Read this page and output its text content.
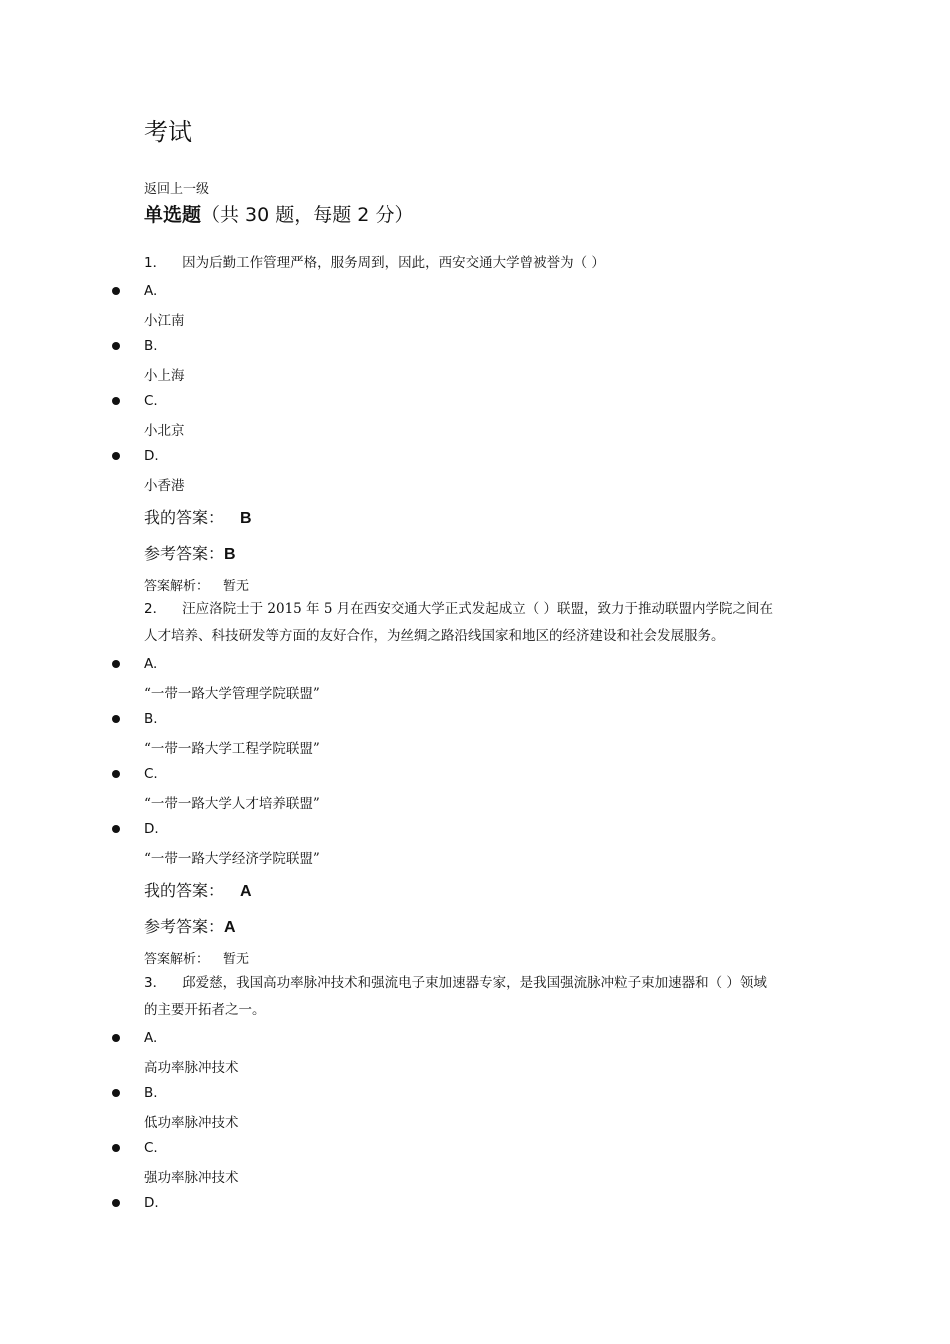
考试
返回上一级
单选题（共 30 题，每题 2 分）
1． 因为后勤工作管理严格，服务周到，因此，西安交通大学曾被誉为（ ）
A.
小江南
B.
小上海
C.
小北京
D.
小香港
我的答案： B
参考答案：B
答案解析： 暂无
2． 汪应洛院士于 2015 年 5 月在西安交通大学正式发起成立（ ）联盟，致力于推动联盟内学院之间在
人才培养、科技研发等方面的友好合作，为丝绸之路沿线国家和地区的经济建设和社会发展服务。
A.
“一带一路大学管理学院联盟”
B.
“一带一路大学工程学院联盟”
C.
“一带一路大学人才培养联盟”
D.
“一带一路大学经济学院联盟”
我的答案： A
参考答案：A
答案解析： 暂无
3． 邱爱慈，我国高功率脉冲技术和强流电子束加速器专家，是我国强流脉冲粒子束加速器和（ ）领域
的主要开拓者之一。
A.
高功率脉冲技术
B.
低功率脉冲技术
C.
强功率脉冲技术
D.
